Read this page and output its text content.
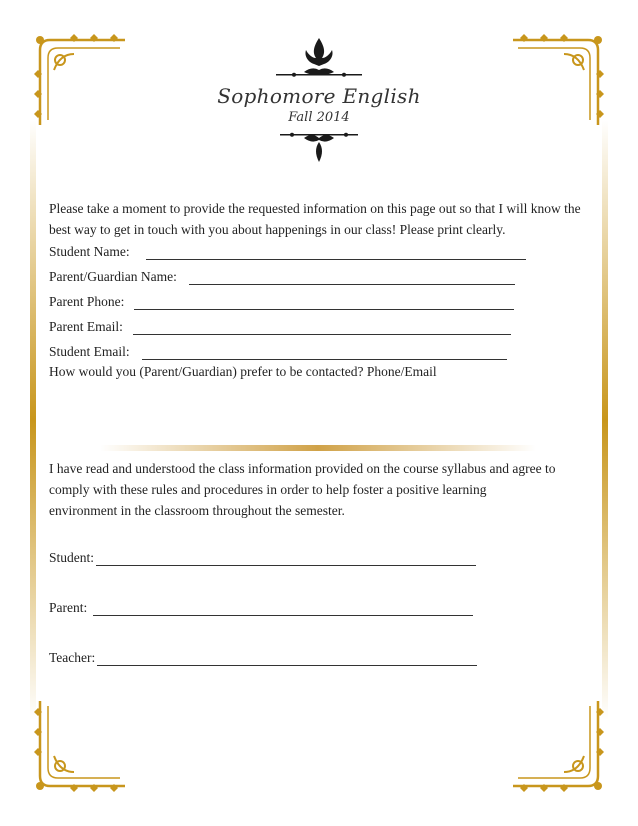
Sophomore English
Fall 2014
Please take a moment to provide the requested information on this page out so that I will know the best way to get in touch with you about happenings in our class! Please print clearly.
Student Name:
Parent/Guardian Name:
Parent Phone:
Parent Email:
Student Email:
How would you (Parent/Guardian) prefer to be contacted? Phone/Email

I have read and understood the class information provided on the course syllabus and agree to

comply with these rules and procedures in order to help foster a positive learning

environment in the classroom throughout the semester.

Student:
Parent:
Teacher:
